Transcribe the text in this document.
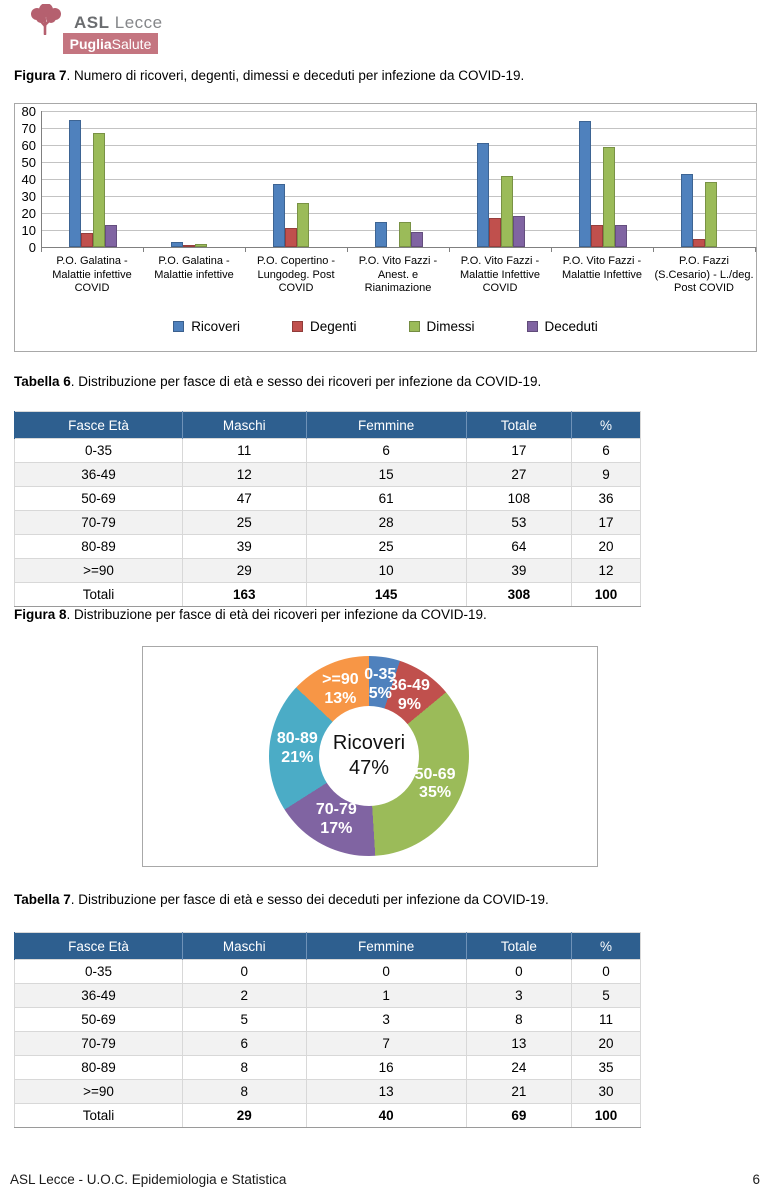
ASL Lecce
Puglia Salute
Figura 7. Numero di ricoveri, degenti, dimessi e deceduti per infezione da COVID-19.
80
70
60
50
40
30
20
10
0
P.O. Galatina - Malattie infettive COVID
P.O. Galatina - Malattie infettive
P.O. Copertino - Lungodeg. Post COVID
P.O. Vito Fazzi - Anest. e Rianimazione
P.O. Vito Fazzi - Malattie Infettive COVID
P.O. Vito Fazzi - Malattie Infettive
P.O. Fazzi (S.Cesario) - L./deg. Post COVID
Ricoveri	Degenti	Dimessi	Deceduti
Tabella 6. Distribuzione per fasce di età e sesso dei ricoveri per infezione da COVID-19.
Fasce Età	Maschi	Femmine	Totale	%
0-35	11	6	17	6
36-49	12	15	27	9
50-69	47	61	108	36
70-79	25	28	53	17
80-89	39	25	64	20
>=90	29	10	39	12
Totali	163	145	308	100
Figura 8. Distribuzione per fasce di età dei ricoveri per infezione da COVID-19.
Ricoveri
47%
0-35
5%
36-49
9%
50-69
35%
70-79
17%
80-89
21%
>=90
13%
Tabella 7. Distribuzione per fasce di età e sesso dei deceduti per infezione da COVID-19.
Fasce Età	Maschi	Femmine	Totale	%
0-35	0	0	0	0
36-49	2	1	3	5
50-69	5	3	8	11
70-79	6	7	13	20
80-89	8	16	24	35
>=90	8	13	21	30
Totali	29	40	69	100
ASL Lecce - U.O.C. Epidemiologia e Statistica	6
